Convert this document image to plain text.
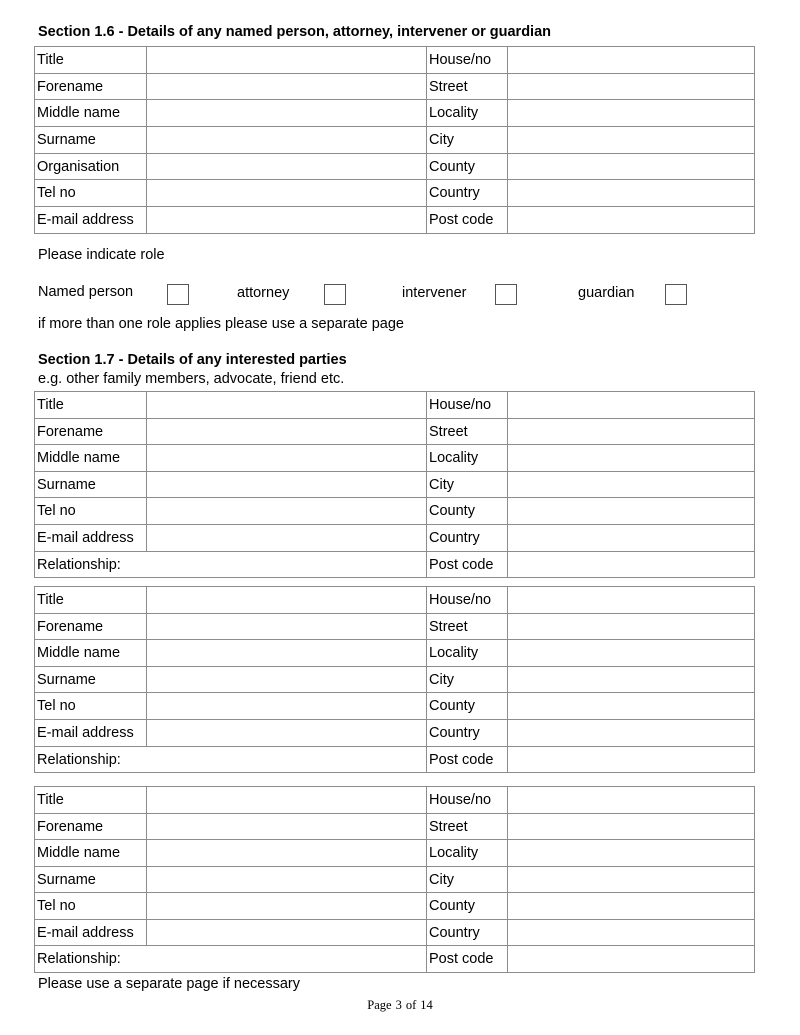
Section 1.6 - Details of any named person, attorney, intervener or guardian
Title		House/no	
Forename		Street	
Middle name		Locality	
Surname		City	
Organisation		County	
Tel no		Country	
E-mail address		Post code	
Please indicate role
Named person	attorney	intervener	guardian
if more than one role applies please use a separate page
Section 1.7 - Details of any interested parties
e.g. other family members, advocate, friend etc.
Title		House/no	
Forename		Street	
Middle name		Locality	
Surname		City	
Tel no		County	
E-mail address		Country	
Relationship:		Post code	
Title		House/no	
Forename		Street	
Middle name		Locality	
Surname		City	
Tel no		County	
E-mail address		Country	
Relationship:		Post code	
Title		House/no	
Forename		Street	
Middle name		Locality	
Surname		City	
Tel no		County	
E-mail address		Country	
Relationship:		Post code	
Please use a separate page if necessary
Page 3 of 14
